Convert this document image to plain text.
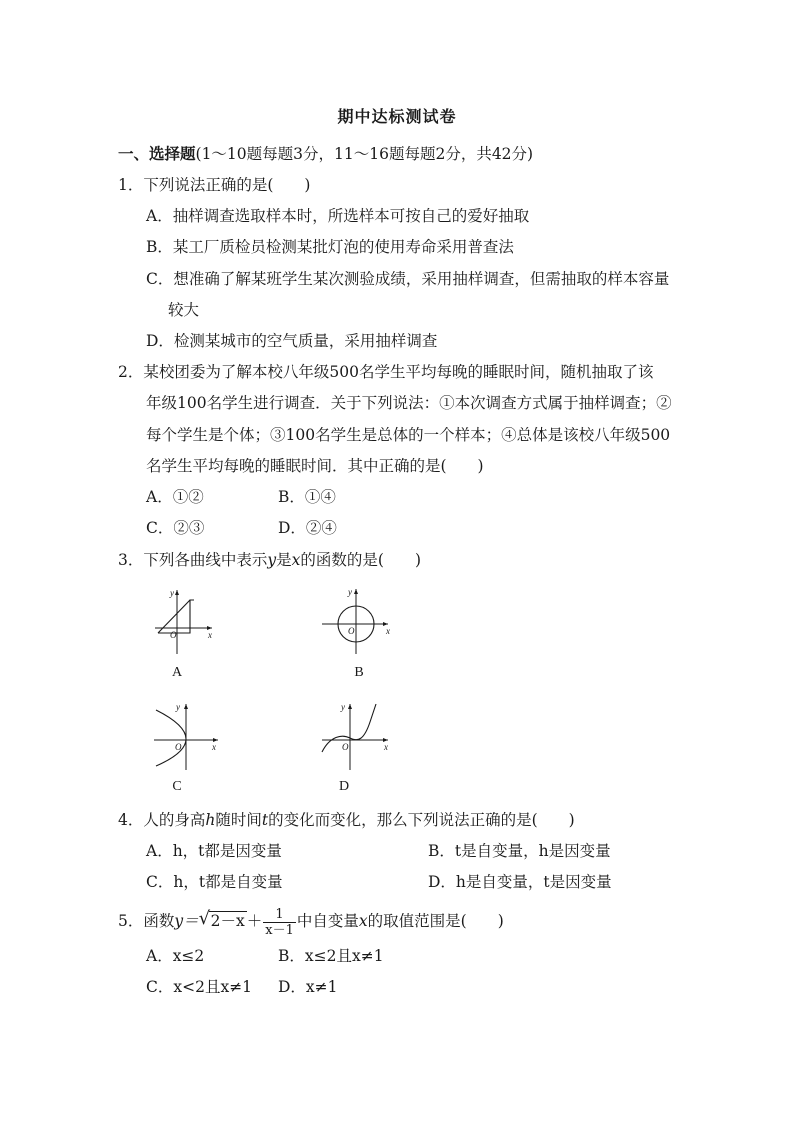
期中达标测试卷
一、选择题(1～10题每题3分，11～16题每题2分，共42分)
1．下列说法正确的是(　　)
A．抽样调查选取样本时，所选样本可按自己的爱好抽取
B．某工厂质检员检测某批灯泡的使用寿命采用普查法
C．想准确了解某班学生某次测验成绩，采用抽样调查，但需抽取的样本容量
较大
D．检测某城市的空气质量，采用抽样调查
2．某校团委为了解本校八年级500名学生平均每晚的睡眠时间，随机抽取了该
年级100名学生进行调查．关于下列说法：①本次调查方式属于抽样调查；②
每个学生是个体；③100名学生是总体的一个样本；④总体是该校八年级500
名学生平均每晚的睡眠时间．其中正确的是(　　)
A．①②	B．①④
C．②③	D．②④
3．下列各曲线中表示y是x的函数的是(　　)
y
x
O
A
y
x
O
B
y
x
O
C
y
x
O
D
4．人的身高h随时间t的变化而变化，那么下列说法正确的是(　　)
A．h，t都是因变量	B．t是自变量，h是因变量
C．h，t都是自变量	D．h是自变量，t是因变量
5．函数y＝ √ $2-x + \frac{1}{x-1}$ 中自变量x的取值范围是(　　)
A．x≤2	B．x≤2且x≠1
C．x<2且x≠1 D．x≠1
